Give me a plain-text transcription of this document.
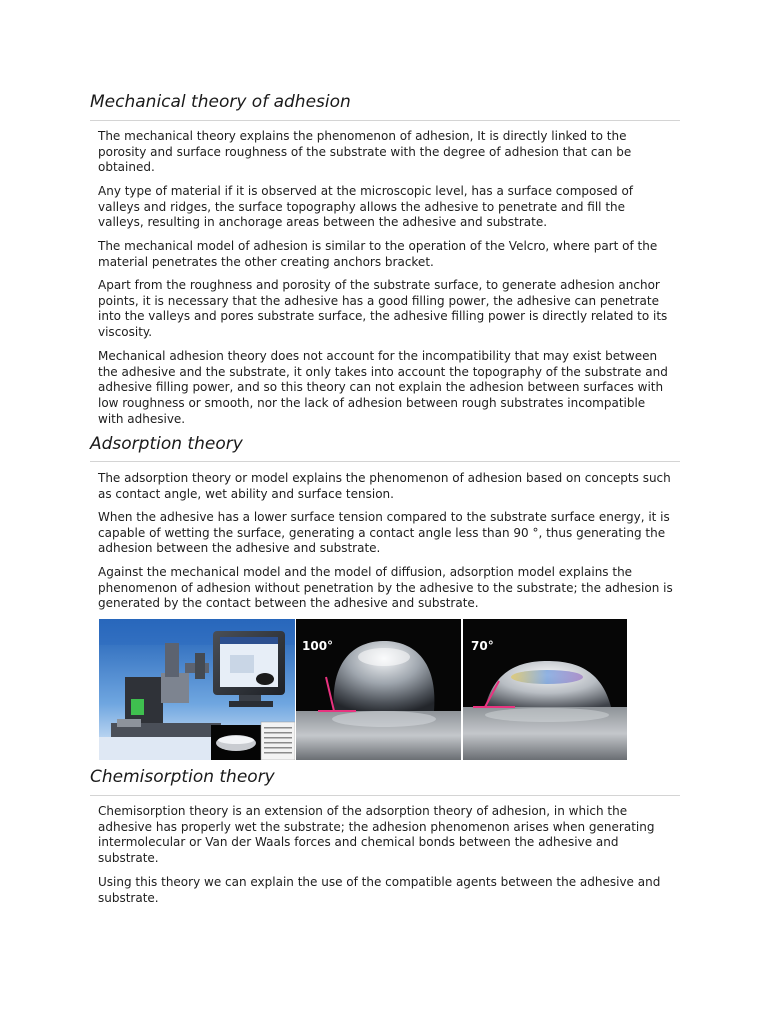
Mechanical theory of adhesion

The mechanical theory explains the phenomenon of adhesion, It is directly linked to the porosity and surface roughness of the substrate with the degree of adhesion that can be obtained.

Any type of material if it is observed at the microscopic level, has a surface composed of valleys and ridges, the surface topography allows the adhesive to penetrate and fill the valleys, resulting in anchorage areas between the adhesive and substrate.

The mechanical model of adhesion is similar to the operation of the Velcro, where part of the material penetrates the other creating anchors bracket.

Apart from the roughness and porosity of the substrate surface, to generate adhesion anchor points, it is necessary that the adhesive has a good filling power, the adhesive can penetrate into the valleys and pores substrate surface, the adhesive filling power is directly related to its viscosity.

Mechanical adhesion theory does not account for the incompatibility that may exist between the adhesive and the substrate, it only takes into account the topography of the substrate and adhesive filling power, and so this theory can not explain the adhesion between surfaces with low roughness or smooth, nor the lack of adhesion between rough substrates incompatible with adhesive.

Adsorption theory

The adsorption theory or model explains the phenomenon of adhesion based on concepts such as contact angle, wet ability and surface tension.

When the adhesive has a lower surface tension compared to the substrate surface energy, it is capable of wetting the surface, generating a contact angle less than 90 °, thus generating the adhesion between the adhesive and substrate.

Against the mechanical model and the model of diffusion, adsorption model explains the phenomenon of adhesion without penetration by the adhesive to the substrate; the adhesion is generated by the contact between the adhesive and substrate.

100°	70°
Chemisorption theory

Chemisorption theory is an extension of the adsorption theory of adhesion, in which the adhesive has properly wet the substrate; the adhesion phenomenon arises when generating intermolecular or Van der Waals forces and chemical bonds between the adhesive and substrate.

Using this theory we can explain the use of the compatible agents between the adhesive and substrate.
